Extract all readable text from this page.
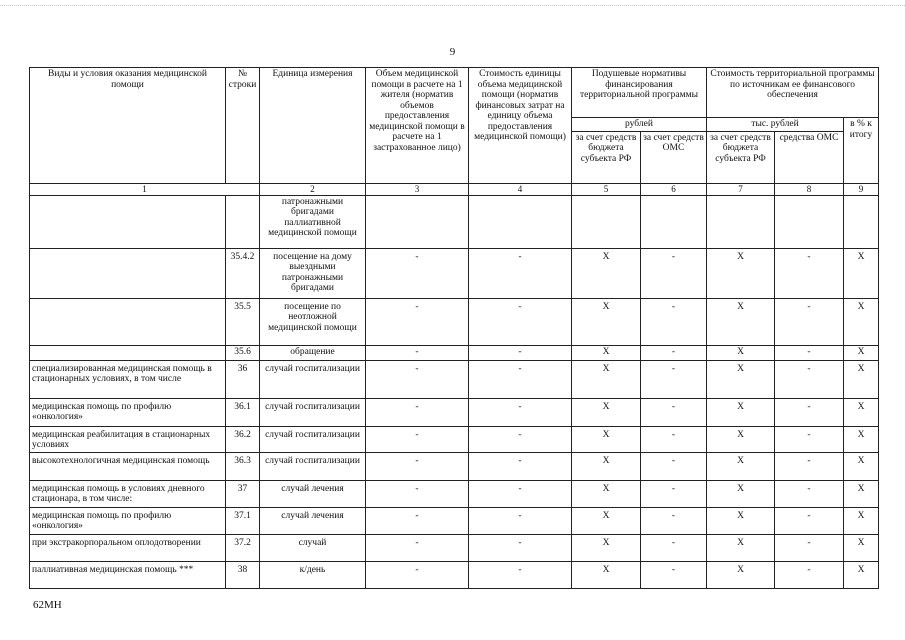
9
Виды и условия оказания медицинской помощи	№ строки	Единица измерения	Объем медицинской помощи в расчете на 1 жителя (норматив объемов предоставления медицинской помощи в расчете на 1 застрахованное лицо)	Стоимость единицы объема медицинской помощи (норматив финансовых затрат на единицу объема предоставления медицинской помощи)	Подушевые нормативы финансирования территориальной программы		Стоимость территориальной программы по источникам ее финансового обеспечения		
					рублей		тыс. рублей		в % к итогу
					за счет средств бюджета субъекта РФ	за счет средств ОМС	за счет средств бюджета субъекта РФ	средства ОМС	
1		2	3	4	5	6	7	8	9
		патронажными бригадами паллиативной медицинской помощи							
	35.4.2	посещение на дому выездными патронажными бригадами	-	-	X	-	X	-	X
	35.5	посещение по неотложной медицинской помощи	-	-	X	-	X	-	X
	35.6	обращение	-	-	X	-	X	-	X
специализированная медицинская помощь в стационарных условиях, в том числе	36	случай госпитализации	-	-	X	-	X	-	X
медицинская помощь по профилю «онкология»	36.1	случай госпитализации	-	-	X	-	X	-	X
медицинская реабилитация в стационарных условиях	36.2	случай госпитализации	-	-	X	-	X	-	X
высокотехнологичная медицинская помощь	36.3	случай госпитализации	-	-	X	-	X	-	X
медицинская помощь в условиях дневного стационара, в том числе:	37	случай лечения	-	-	X	-	X	-	X
медицинская помощь по профилю «онкология»	37.1	случай лечения	-	-	X	-	X	-	X
при экстракорпоральном оплодотворении	37.2	случай	-	-	X	-	X	-	X
паллиативная медицинская помощь ***	38	к/день	-	-	X	-	X	-	X
62МН
